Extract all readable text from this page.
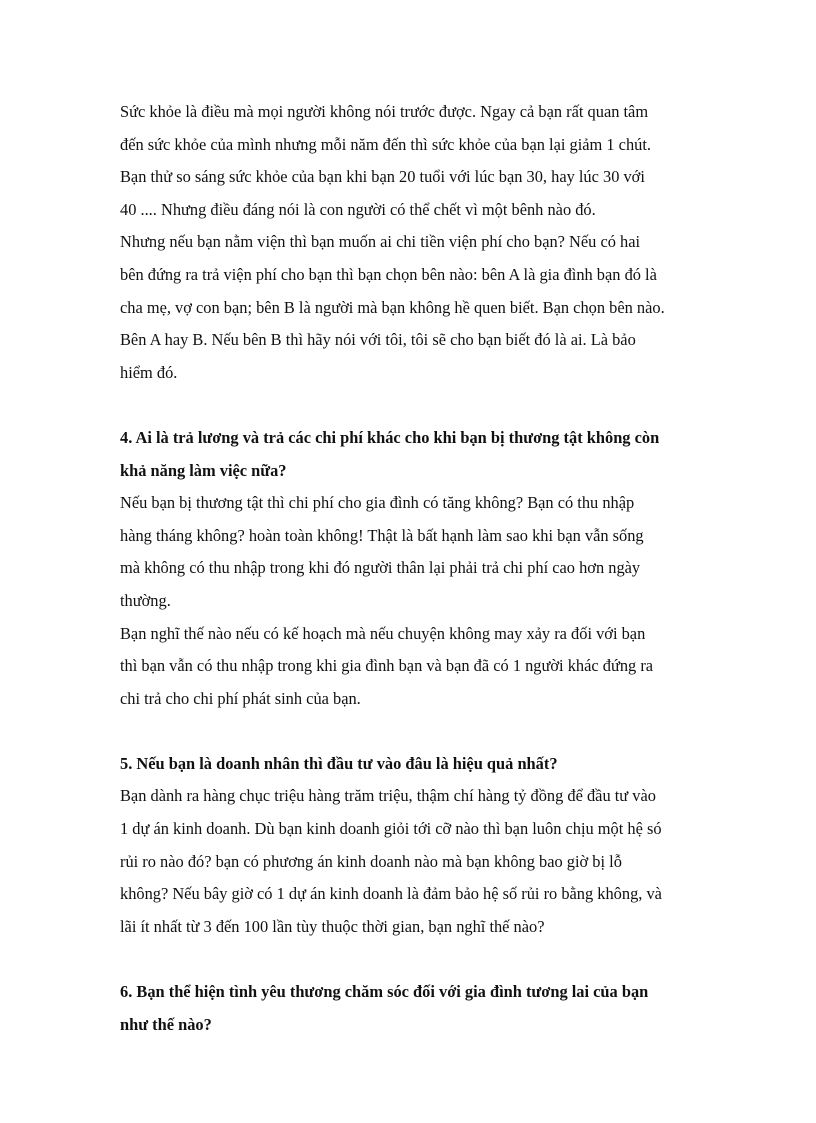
Sức khỏe là điều mà mọi người không nói trước được. Ngay cả bạn rất quan tâm
đến sức khỏe của mình nhưng mỗi năm đến thì sức khỏe của bạn lại giảm 1 chút.
Bạn thử so sáng sức khỏe của bạn khi bạn 20 tuổi với lúc bạn 30, hay lúc 30 với
40 .... Nhưng điều đáng nói là con người có thể chết vì một bênh nào đó.
Nhưng nếu bạn nằm viện thì bạn muốn ai chi tiền viện phí cho bạn? Nếu có hai
bên đứng ra trả viện phí cho bạn thì bạn chọn bên nào: bên A là gia đình bạn đó là
cha mẹ, vợ con bạn; bên B là người mà bạn không hề quen biết. Bạn chọn bên nào.
Bên A hay B. Nếu bên B thì hãy nói với tôi, tôi sẽ cho bạn biết đó là ai. Là bảo
hiểm đó.
4. Ai là trả lương và trả các chi phí khác cho khi bạn bị thương tật không còn
khả năng làm việc nữa?
Nếu bạn bị thương tật thì chi phí cho gia đình có tăng không? Bạn có thu nhập
hàng tháng không? hoàn toàn không! Thật là bất hạnh làm sao khi bạn vẫn sống
mà không có thu nhập trong khi đó người thân lại phải trả chi phí cao hơn ngày
thường.
Bạn nghĩ thế nào nếu có kế hoạch mà nếu chuyện không may xảy ra đối với bạn
thì bạn vẫn có thu nhập trong khi gia đình bạn và bạn đã có 1 người khác đứng ra
chi trả cho chi phí phát sinh của bạn.
5. Nếu bạn là doanh nhân thì đầu tư vào đâu là hiệu quả nhất?
Bạn dành ra hàng chục triệu hàng trăm triệu, thậm chí hàng tỷ đồng để đầu tư vào
1 dự án kinh doanh. Dù bạn kinh doanh giỏi tới cỡ nào thì bạn luôn chịu một hệ só
rủi ro nào đó? bạn có phương án kinh doanh nào mà bạn không bao giờ bị lỗ
không? Nếu bây giờ có 1 dự án kinh doanh là đảm bảo hệ số rủi ro bằng không, và
lãi ít nhất từ 3 đến 100 lần tùy thuộc thời gian, bạn nghĩ thế nào?
6. Bạn thể hiện tình yêu thương chăm sóc đối với gia đình tương lai của bạn
như thế nào?
